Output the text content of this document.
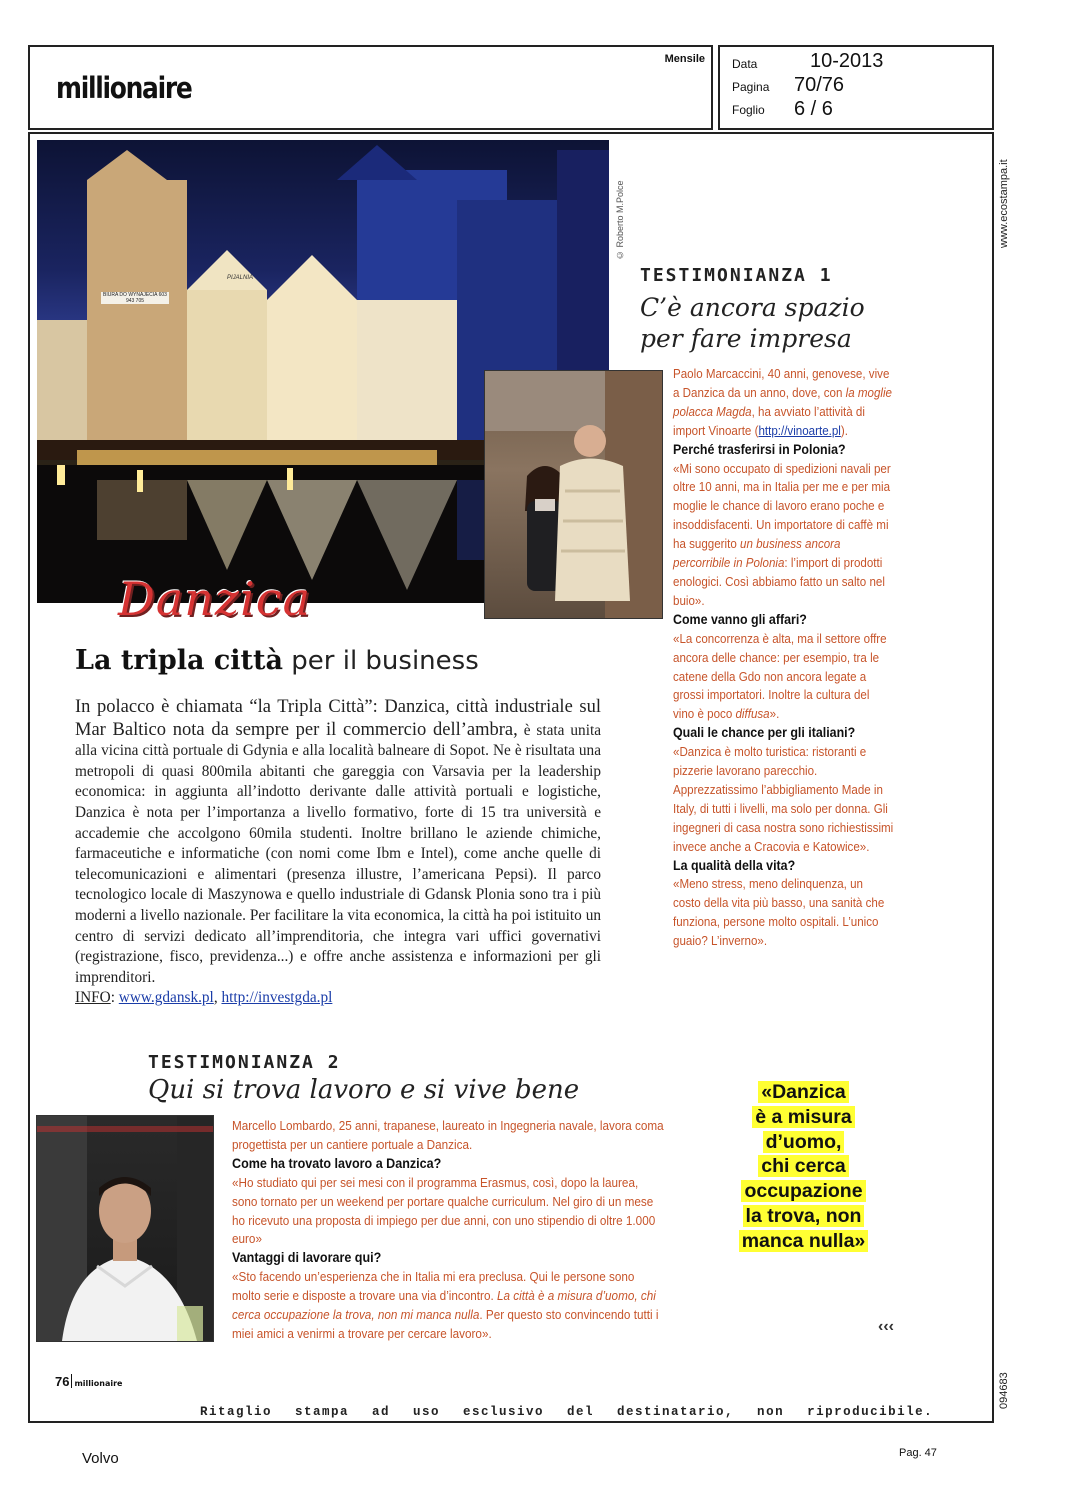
millionaire
Mensile Data	10-2013
Pagina 70/76
Foglio 6 / 6
www.ecostampa.it
094683
BIURA DO WYNAJECIA 603 943 705
PIJALNIA
© Roberto M.Polce
Danzica
La tripla città per il business
In polacco è chiamata “la Tripla Città”: Danzica, città industriale sul Mar Baltico nota da sempre per il commercio dell’ambra, è stata unita alla vicina città portuale di Gdynia e alla località balneare di Sopot. Ne è risultata una metropoli di quasi 800mila abitanti che gareggia con Varsavia per la leadership economica: in aggiunta all’indotto derivante dalle attività portuali e logistiche, Danzica è nota per l’importanza a livello formativo, forte di 15 tra università e accademie che accolgono 60mila studenti. Inoltre brillano le aziende chimiche, farmaceutiche e informatiche (con nomi come Ibm e Intel), come anche quelle di telecomunicazioni e alimentari (presenza illustre, l’americana Pepsi). Il parco tecnologico locale di Maszynowa e quello industriale di Gdansk Plonia sono tra i più moderni a livello nazionale. Per facilitare la vita economica, la città ha poi istituito un centro di servizi dedicato all’imprenditoria, che integra vari uffici governativi (registrazione, fisco, previdenza...) e offre anche assistenza e informazioni per gli imprenditori.
INFO: www.gdansk.pl, http://investgda.pl
TESTIMONIANZA 1
C’è ancora spazio
per fare impresa
Paolo Marcaccini, 40 anni, genovese, vive a Danzica da un anno, dove, con la moglie polacca Magda, ha avviato l’attività di import Vinoarte (http://vinoarte.pl).
Perché trasferirsi in Polonia?
«Mi sono occupato di spedizioni navali per oltre 10 anni, ma in Italia per me e per mia moglie le chance di lavoro erano poche e insoddisfacenti. Un importatore di caffè mi ha suggerito un business ancora percorribile in Polonia: l’import di prodotti enologici. Così abbiamo fatto un salto nel buio».
Come vanno gli affari?
«La concorrenza è alta, ma il settore offre ancora delle chance: per esempio, tra le catene della Gdo non ancora legate a grossi importatori. Inoltre la cultura del vino è poco diffusa».
Quali le chance per gli italiani?
«Danzica è molto turistica: ristoranti e pizzerie lavorano parecchio. Apprezzatissimo l’abbigliamento Made in Italy, di tutti i livelli, ma solo per donna. Gli ingegneri di casa nostra sono richiestissimi invece anche a Cracovia e Katowice».
La qualità della vita?
«Meno stress, meno delinquenza, un costo della vita più basso, una sanità che funziona, persone molto ospitali. L’unico guaio? L’inverno».
TESTIMONIANZA 2
Qui si trova lavoro e si vive bene
Marcello Lombardo, 25 anni, trapanese, laureato in Ingegneria navale, lavora coma progettista per un cantiere portuale a Danzica.
Come ha trovato lavoro a Danzica?
«Ho studiato qui per sei mesi con il programma Erasmus, così, dopo la laurea, sono tornato per un weekend per portare qualche curriculum. Nel giro di un mese ho ricevuto una proposta di impiego per due anni, con uno stipendio di oltre 1.000 euro»
Vantaggi di lavorare qui?
«Sto facendo un’esperienza che in Italia mi era preclusa. Qui le persone sono molto serie e disposte a trovare una via d’incontro. La città è a misura d’uomo, chi cerca occupazione la trova, non mi manca nulla. Per questo sto convincendo tutti i miei amici a venirmi a trovare per cercare lavoro».
«Danzica
è a misura
d’uomo,
chi cerca
occupazione
la trova, non
manca nulla»
‹‹‹
76 millionaire
Ritaglio stampa ad uso esclusivo del destinatario, non riproducibile.
Volvo	Pag. 47
